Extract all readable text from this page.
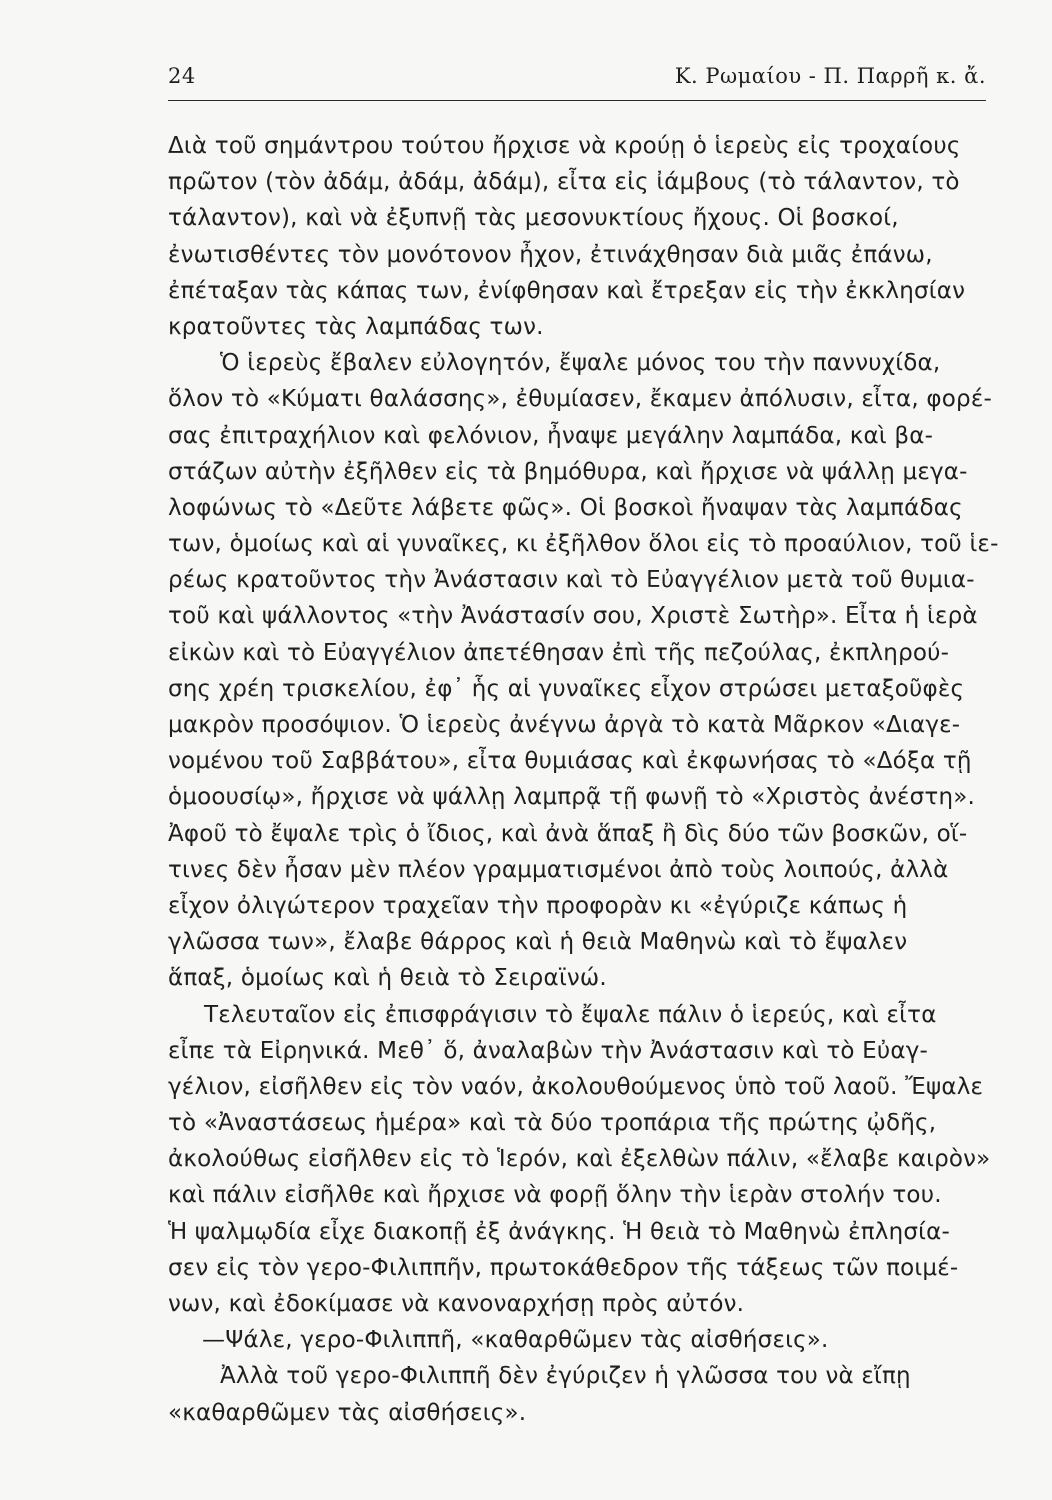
24	Κ. Ρωμαίου - Π. Παρρῆ κ. ἄ.
Διὰ τοῦ σημάντρου τούτου ἤρχισε νὰ κρούῃ ὁ ἱερεὺς εἰς τροχαίους
πρῶτον (τὸν ἀδάμ, ἀδάμ, ἀδάμ), εἶτα εἰς ἰάμβους (τὸ τάλαντον, τὸ
τάλαντον), καὶ νὰ ἐξυπνῇ τὰς μεσονυκτίους ἤχους. Οἱ βοσκοί,
ἐνωτισθέντες τὸν μονότονον ἦχον, ἐτινάχθησαν διὰ μιᾶς ἐπάνω,
ἐπέταξαν τὰς κάπας των, ἐνίφθησαν καὶ ἔτρεξαν εἰς τὴν ἐκκλησίαν
κρατοῦντες τὰς λαμπάδας των.
Ὁ ἱερεὺς ἔβαλεν εὐλογητόν, ἔψαλε μόνος του τὴν παννυχίδα,
ὅλον τὸ «Κύματι θαλάσσης», ἐθυμίασεν, ἔκαμεν ἀπόλυσιν, εἶτα, φορέ-
σας ἐπιτραχήλιον καὶ φελόνιον, ἦναψε μεγάλην λαμπάδα, καὶ βα-
στάζων αὐτὴν ἐξῆλθεν εἰς τὰ βημόθυρα, καὶ ἤρχισε νὰ ψάλλῃ μεγα-
λοφώνως τὸ «Δεῦτε λάβετε φῶς». Οἱ βοσκοὶ ἤναψαν τὰς λαμπάδας
των, ὁμοίως καὶ αἱ γυναῖκες, κι ἐξῆλθον ὅλοι εἰς τὸ προαύλιον, τοῦ ἱε-
ρέως κρατοῦντος τὴν Ἀνάστασιν καὶ τὸ Εὐαγγέλιον μετὰ τοῦ θυμια-
τοῦ καὶ ψάλλοντος «τὴν Ἀνάστασίν σου, Χριστὲ Σωτὴρ». Εἶτα ἡ ἱερὰ
εἰκὼν καὶ τὸ Εὐαγγέλιον ἀπετέθησαν ἐπὶ τῆς πεζούλας, ἐκπληρού-
σης χρέη τρισκελίου, ἐφ᾽ ἧς αἱ γυναῖκες εἶχον στρώσει μεταξοῦφὲς
μακρὸν προσόψιον. Ὁ ἱερεὺς ἀνέγνω ἀργὰ τὸ κατὰ Μᾶρκον «Διαγε-
νομένου τοῦ Σαββάτου», εἶτα θυμιάσας καὶ ἐκφωνήσας τὸ «Δόξα τῇ
ὁμοουσίῳ», ἤρχισε νὰ ψάλλῃ λαμπρᾷ τῇ φωνῇ τὸ «Χριστὸς ἀνέστη».
Ἀφοῦ τὸ ἔψαλε τρὶς ὁ ἴδιος, καὶ ἀνὰ ἅπαξ ἢ δὶς δύο τῶν βοσκῶν, οἵ-
τινες δὲν ἦσαν μὲν πλέον γραμματισμένοι ἀπὸ τοὺς λοιπούς, ἀλλὰ
εἶχον ὀλιγώτερον τραχεῖαν τὴν προφορὰν κι «ἐγύριζε κάπως ἡ
γλῶσσα των», ἔλαβε θάρρος καὶ ἡ θειὰ Μαθηνὼ καὶ τὸ ἔψαλεν
ἅπαξ, ὁμοίως καὶ ἡ θειὰ τὸ Σειραϊνώ.
Τελευταῖον εἰς ἐπισφράγισιν τὸ ἔψαλε πάλιν ὁ ἱερεύς, καὶ εἶτα
εἶπε τὰ Εἰρηνικά. Μεθ᾽ ὅ, ἀναλαβὼν τὴν Ἀνάστασιν καὶ τὸ Εὐαγ-
γέλιον, εἰσῆλθεν εἰς τὸν ναόν, ἀκολουθούμενος ὑπὸ τοῦ λαοῦ. Ἔψαλε
τὸ «Ἀναστάσεως ἡμέρα» καὶ τὰ δύο τροπάρια τῆς πρώτης ᾠδῆς,
ἀκολούθως εἰσῆλθεν εἰς τὸ Ἱερόν, καὶ ἐξελθὼν πάλιν, «ἔλαβε καιρὸν»
καὶ πάλιν εἰσῆλθε καὶ ἤρχισε νὰ φορῇ ὅλην τὴν ἱερὰν στολήν του.
Ἡ ψαλμῳδία εἶχε διακοπῇ ἐξ ἀνάγκης. Ἡ θειὰ τὸ Μαθηνὼ ἐπλησία-
σεν εἰς τὸν γερο-Φιλιππῆν, πρωτοκάθεδρον τῆς τάξεως τῶν ποιμέ-
νων, καὶ ἐδοκίμασε νὰ κανοναρχήσῃ πρὸς αὐτόν.
—Ψάλε, γερο-Φιλιππῆ, «καθαρθῶμεν τὰς αἰσθήσεις».
Ἀλλὰ τοῦ γερο-Φιλιππῆ δὲν ἐγύριζεν ἡ γλῶσσα του νὰ εἴπῃ
«καθαρθῶμεν τὰς αἰσθήσεις».
